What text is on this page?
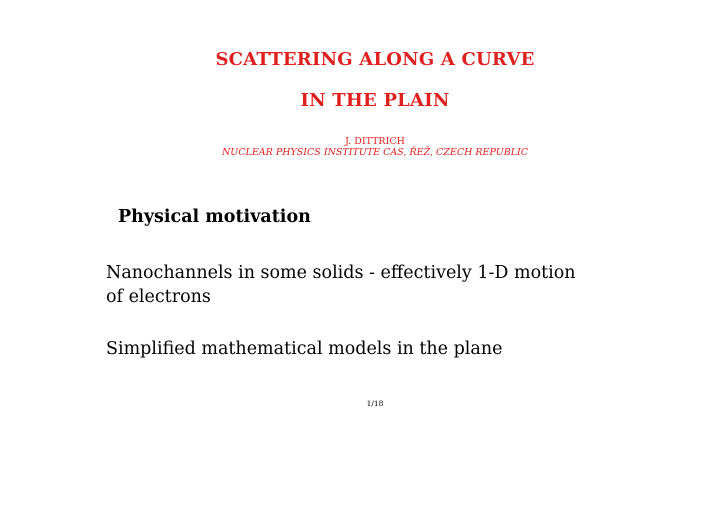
SCATTERING ALONG A CURVE
IN THE PLAIN
J. DITTRICH
NUCLEAR PHYSICS INSTITUTE CAS, ŘEŽ, CZECH REPUBLIC
Physical motivation
Nanochannels in some solids - effectively 1-D motion of electrons
Simplified mathematical models in the plane
1/18
